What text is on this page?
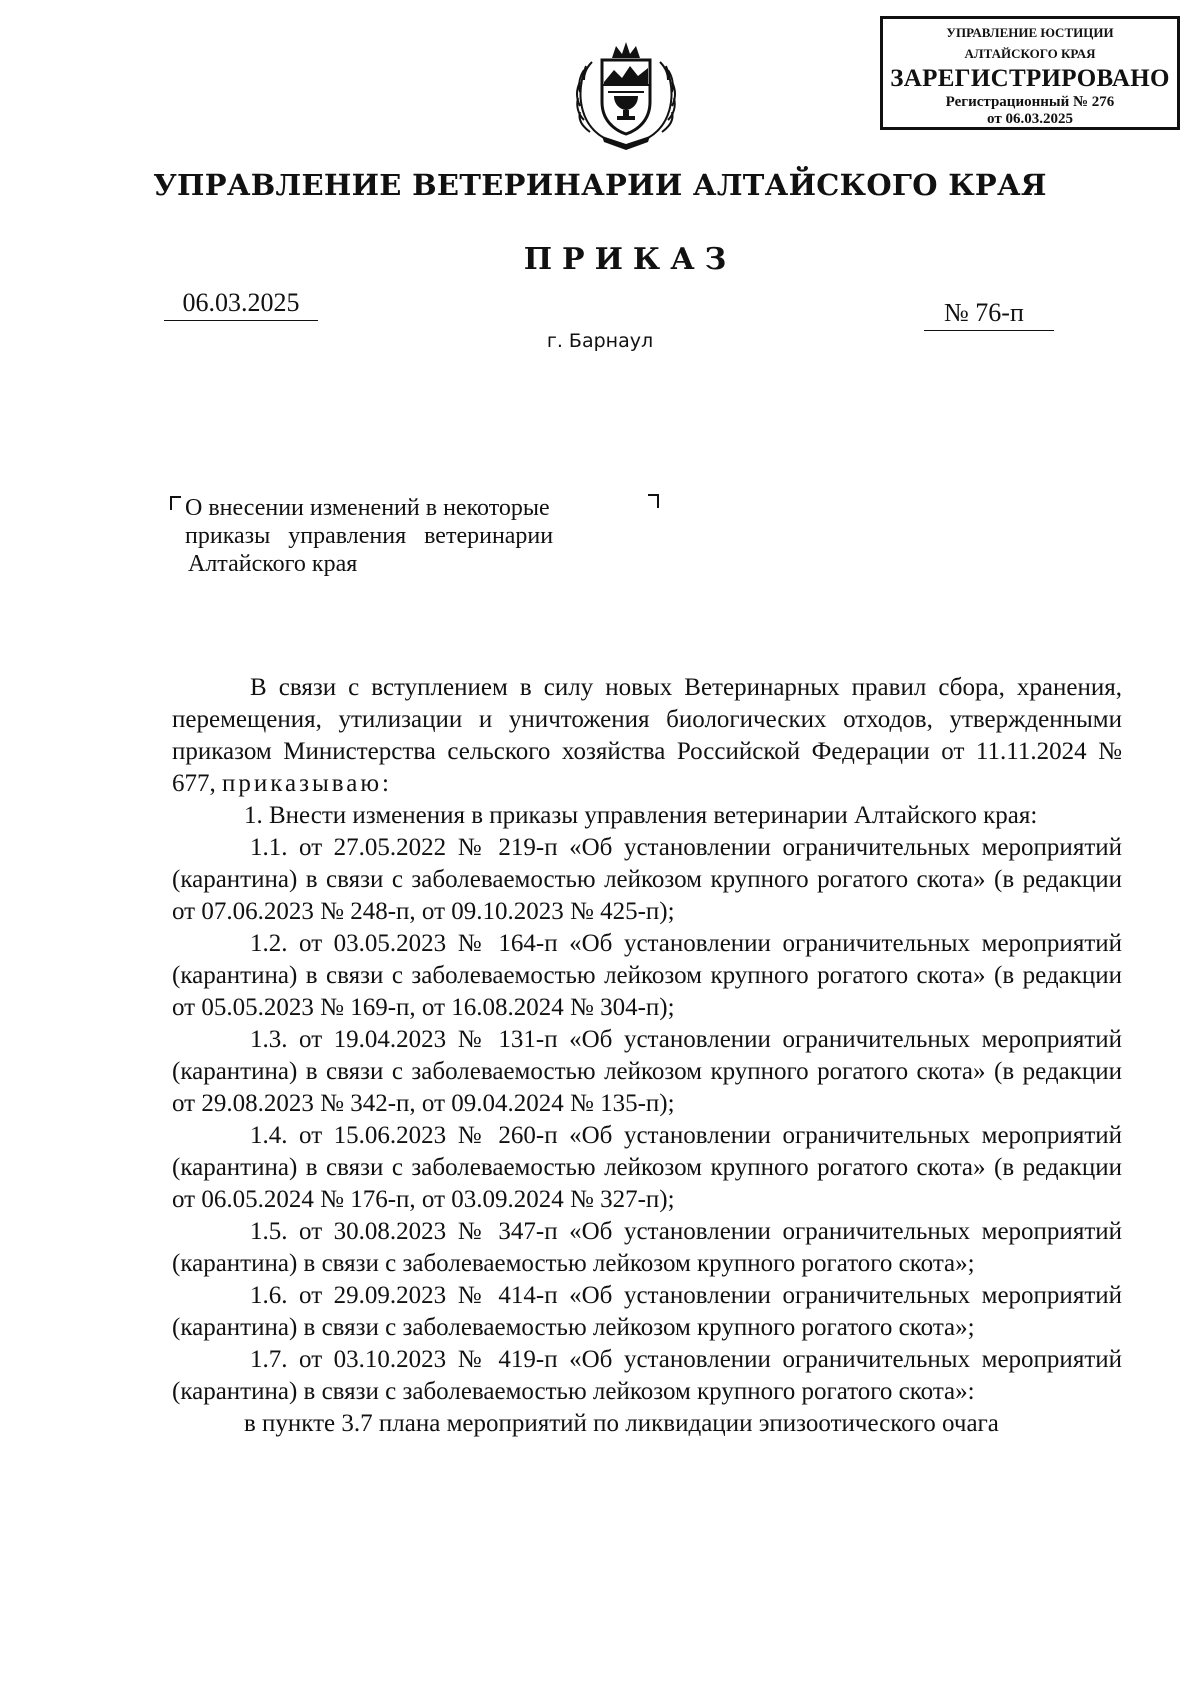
УПРАВЛЕНИЕ ЮСТИЦИИ
АЛТАЙСКОГО КРАЯ
ЗАРЕГИСТРИРОВАНО
Регистрационный № 276
от 06.03.2025
УПРАВЛЕНИЕ ВЕТЕРИНАРИИ АЛТАЙСКОГО КРАЯ
ПРИКАЗ
06.03.2025	№ 76-п
г. Барнаул
О внесении изменений в некоторые
приказы управления ветеринарии
Алтайского края

В связи с вступлением в силу новых Ветеринарных правил сбора, хранения, перемещения, утилизации и уничтожения биологических отходов, утвержденными приказом Министерства сельского хозяйства Российской Федерации от 11.11.2024 № 677, приказываю:

1. Внести изменения в приказы управления ветеринарии Алтайского края:

1.1. от 27.05.2022 № 219-п «Об установлении ограничительных мероприятий (карантина) в связи с заболеваемостью лейкозом крупного рогатого скота» (в редакции от 07.06.2023 № 248-п, от 09.10.2023 № 425-п);

1.2. от 03.05.2023 № 164-п «Об установлении ограничительных мероприятий (карантина) в связи с заболеваемостью лейкозом крупного рогатого скота» (в редакции от 05.05.2023 № 169-п, от 16.08.2024 № 304-п);

1.3. от 19.04.2023 № 131-п «Об установлении ограничительных мероприятий (карантина) в связи с заболеваемостью лейкозом крупного рогатого скота» (в редакции от 29.08.2023 № 342-п, от 09.04.2024 № 135-п);

1.4. от 15.06.2023 № 260-п «Об установлении ограничительных мероприятий (карантина) в связи с заболеваемостью лейкозом крупного рогатого скота» (в редакции от 06.05.2024 № 176-п, от 03.09.2024 № 327-п);

1.5. от 30.08.2023 № 347-п «Об установлении ограничительных мероприятий (карантина) в связи с заболеваемостью лейкозом крупного рогатого скота»;

1.6. от 29.09.2023 № 414-п «Об установлении ограничительных мероприятий (карантина) в связи с заболеваемостью лейкозом крупного рогатого скота»;

1.7. от 03.10.2023 № 419-п «Об установлении ограничительных мероприятий (карантина) в связи с заболеваемостью лейкозом крупного рогатого скота»:

в пункте 3.7 плана мероприятий по ликвидации эпизоотического очага
